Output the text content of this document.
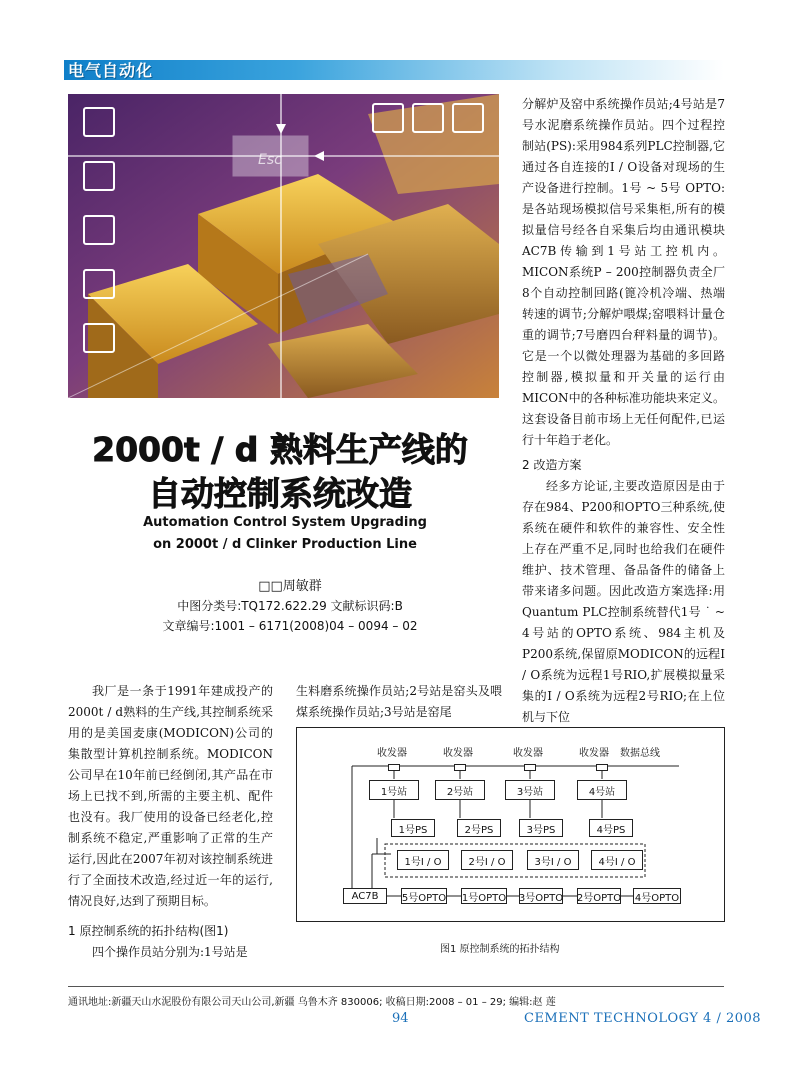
电气自动化
Esc
分解炉及窑中系统操作员站;4号站是7号水泥磨系统操作员站。四个过程控制站(PS):采用984系列PLC控制器,它通过各自连接的I / O设备对现场的生产设备进行控制。1号 ~ 5号 OPTO:是各站现场模拟信号采集柜,所有的模拟量信号经各自采集后均由通讯模块AC7B传输到1号站工控机内。MICON系统P – 200控制器负责全厂8个自动控制回路(篦冷机冷端、热端转速的调节;分解炉喂煤;窑喂料计量仓重的调节;7号磨四台秤料量的调节)。它是一个以微处理器为基础的多回路控制器,模拟量和开关量的运行由MICON中的各种标准功能块来定义。这套设备目前市场上无任何配件,已运行十年趋于老化。
2 改造方案
经多方论证,主要改造原因是由于存在984、P200和OPTO三种系统,使系统在硬件和软件的兼容性、安全性上存在严重不足,同时也给我们在硬件维护、技术管理、备品备件的储备上带来诸多问题。因此改造方案选择:用Quantum PLC控制系统替代1号 ˙ ~ 4号站的OPTO系统、984主机及P200系统,保留原MODICON的远程I / O系统为远程1号RIO,扩展模拟量采集的I / O系统为远程2号RIO;在上位机与下位
2000t / d 熟料生产线的
自动控制系统改造
Automation Control System Upgrading
on 2000t / d Clinker Production Line
□□周敏群
中图分类号:TQ172.622.29 文献标识码:B
文章编号:1001 – 6171(2008)04 – 0094 – 02
我厂是一条于1991年建成投产的2000t / d熟料的生产线,其控制系统采用的是美国麦康(MODICON)公司的集散型计算机控制系统。MODICON公司早在10年前已经倒闭,其产品在市场上已找不到,所需的主要主机、配件也没有。我厂使用的设备已经老化,控制系统不稳定,严重影响了正常的生产运行,因此在2007年初对该控制系统进行了全面技术改造,经过近一年的运行,情况良好,达到了预期目标。
1 原控制系统的拓扑结构(图1)
四个操作员站分别为:1号站是
生料磨系统操作员站;2号站是窑头及喂煤系统操作员站;3号站是窑尾
收发器	收发器	收发器	收发器 数据总线
1号站	2号站	3号站	4号站
1号PS	2号PS	3号PS	4号PS
1号I / O	2号I / O	3号I / O	4号I / O
AC7B	5号OPTO 1号OPTO 3号OPTO 2号OPTO 4号OPTO
图1 原控制系统的拓扑结构
通讯地址:新疆天山水泥股份有限公司天山公司,新疆 乌鲁木齐 830006; 收稿日期:2008 – 01 – 29; 编辑:赵 莲
94	CEMENT TECHNOLOGY 4 / 2008
